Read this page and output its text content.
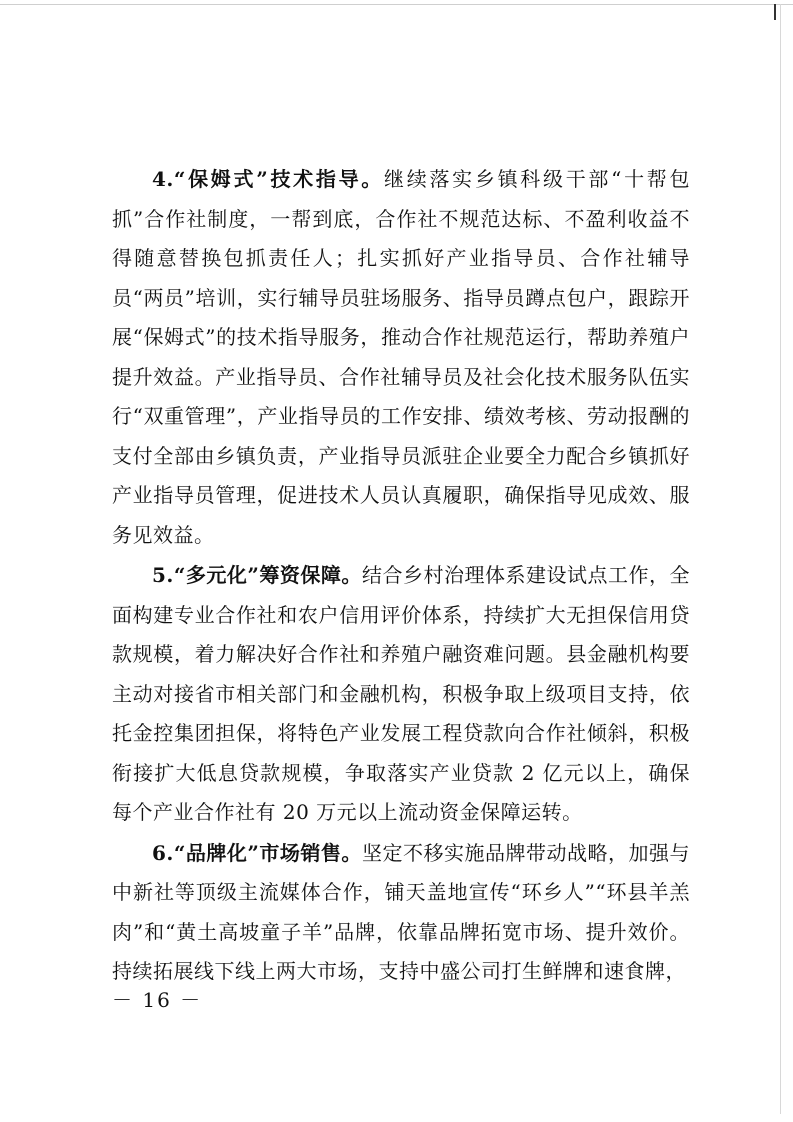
4.“保姆式”技术指导。继续落实乡镇科级干部“十帮包抓”合作社制度，一帮到底，合作社不规范达标、不盈利收益不得随意替换包抓责任人；扎实抓好产业指导员、合作社辅导员“两员”培训，实行辅导员驻场服务、指导员蹲点包户，跟踪开展“保姆式”的技术指导服务，推动合作社规范运行，帮助养殖户提升效益。产业指导员、合作社辅导员及社会化技术服务队伍实行“双重管理”，产业指导员的工作安排、绩效考核、劳动报酬的支付全部由乡镇负责，产业指导员派驻企业要全力配合乡镇抓好产业指导员管理，促进技术人员认真履职，确保指导见成效、服务见效益。

5.“多元化”筹资保障。结合乡村治理体系建设试点工作，全面构建专业合作社和农户信用评价体系，持续扩大无担保信用贷款规模，着力解决好合作社和养殖户融资难问题。县金融机构要主动对接省市相关部门和金融机构，积极争取上级项目支持，依托金控集团担保，将特色产业发展工程贷款向合作社倾斜，积极衔接扩大低息贷款规模，争取落实产业贷款 2 亿元以上，确保每个产业合作社有 20 万元以上流动资金保障运转。

6.“品牌化”市场销售。坚定不移实施品牌带动战略，加强与中新社等顶级主流媒体合作，铺天盖地宣传“环乡人”“环县羊羔肉”和“黄土高坡童子羊”品牌，依靠品牌拓宽市场、提升效价。持续拓展线下线上两大市场，支持中盛公司打生鲜牌和速食牌，

－ 16 －
